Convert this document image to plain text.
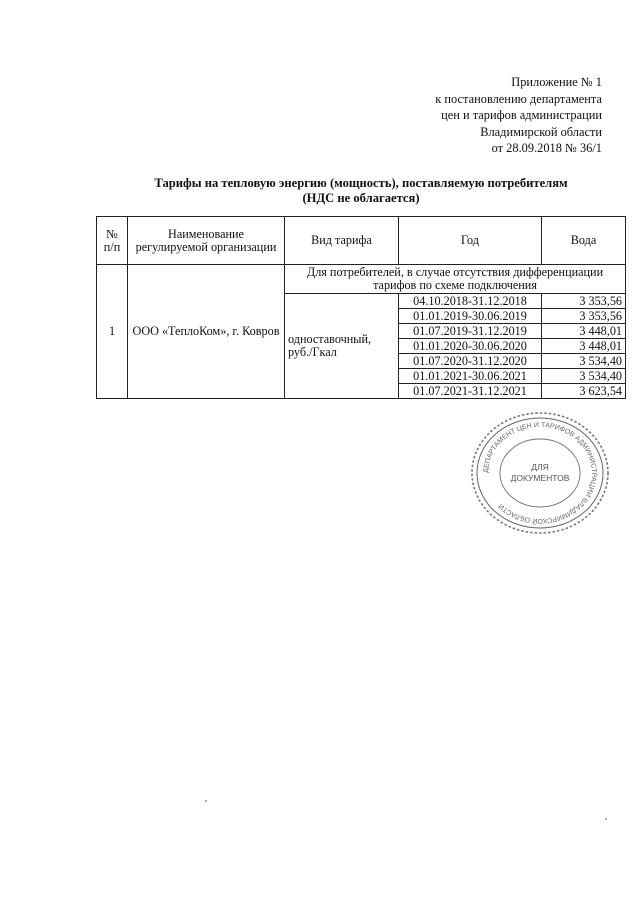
Приложение № 1
к постановлению департамента
цен и тарифов администрации
Владимирской области
от 28.09.2018 № 36/1
Тарифы на тепловую энергию (мощность), поставляемую потребителям
(НДС не облагается)
№ п/п	Наименование регулируемой организации	Вид тарифа	Год	Вода
1	ООО «ТеплоКом», г. Ковров	Для потребителей, в случае отсутствия дифференциации тарифов по схеме подключения		
		одноставочный, руб./Гкал	04.10.2018-31.12.2018	3 353,56
			01.01.2019-30.06.2019	3 353,56
			01.07.2019-31.12.2019	3 448,01
			01.01.2020-30.06.2020	3 448,01
			01.07.2020-31.12.2020	3 534,40
			01.01.2021-30.06.2021	3 534,40
			01.07.2021-31.12.2021	3 623,54
ДЕПАРТАМЕНТ ЦЕН И ТАРИФОВ АДМИНИСТРАЦИИ ВЛАДИМИРСКОЙ ОБЛАСТИ
ДЛЯ
ДОКУМЕНТОВ
